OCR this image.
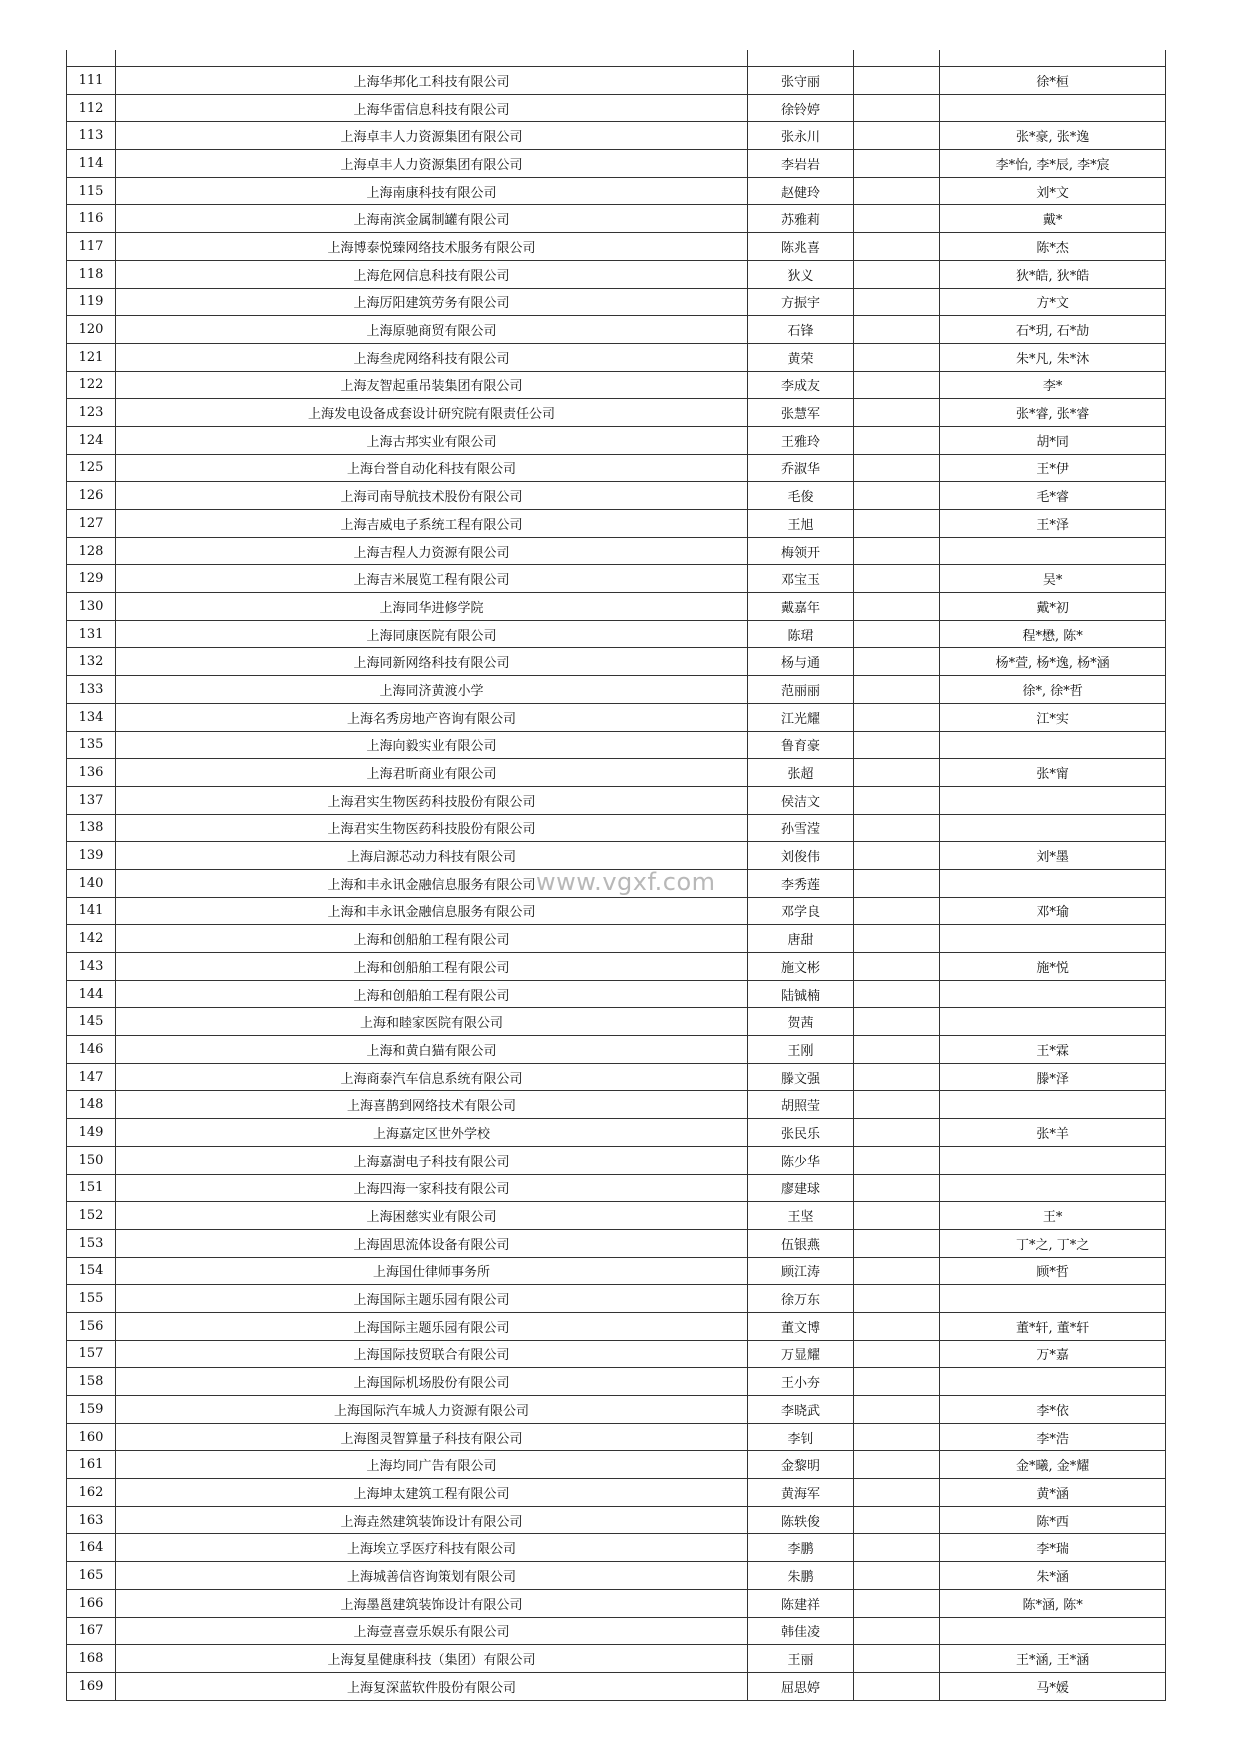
111	上海华邦化工科技有限公司	张守丽		徐*桓
112	上海华雷信息科技有限公司	徐铃婷		
113	上海卓丰人力资源集团有限公司	张永川		张*豪, 张*逸
114	上海卓丰人力资源集团有限公司	李岩岩		李*怡, 李*辰, 李*宸
115	上海南康科技有限公司	赵健玲		刘*文
116	上海南滨金属制罐有限公司	苏雅莉		戴*
117	上海博泰悦臻网络技术服务有限公司	陈兆喜		陈*杰
118	上海危网信息科技有限公司	狄义		狄*皓, 狄*皓
119	上海厉阳建筑劳务有限公司	方振宇		方*文
120	上海原驰商贸有限公司	石锋		石*玥, 石*劼
121	上海叁虎网络科技有限公司	黄荣		朱*凡, 朱*沐
122	上海友智起重吊装集团有限公司	李成友		李*
123	上海发电设备成套设计研究院有限责任公司	张慧军		张*睿, 张*睿
124	上海古邦实业有限公司	王雅玲		胡*同
125	上海台誉自动化科技有限公司	乔淑华		王*伊
126	上海司南导航技术股份有限公司	毛俊		毛*睿
127	上海吉威电子系统工程有限公司	王旭		王*泽
128	上海吉程人力资源有限公司	梅领开		
129	上海吉米展览工程有限公司	邓宝玉		吴*
130	上海同华进修学院	戴嘉年		戴*初
131	上海同康医院有限公司	陈珺		程*懋, 陈*
132	上海同新网络科技有限公司	杨与通		杨*萱, 杨*逸, 杨*涵
133	上海同济黄渡小学	范丽丽		徐*, 徐*哲
134	上海名秀房地产咨询有限公司	江光耀		江*实
135	上海向毅实业有限公司	鲁育豪		
136	上海君昕商业有限公司	张超		张*甯
137	上海君实生物医药科技股份有限公司	侯洁文		
138	上海君实生物医药科技股份有限公司	孙雪滢		
139	上海启源芯动力科技有限公司	刘俊伟		刘*墨
140	上海和丰永讯金融信息服务有限公司	李秀莲		
141	上海和丰永讯金融信息服务有限公司	邓学良		邓*瑜
142	上海和创船舶工程有限公司	唐甜		
143	上海和创船舶工程有限公司	施文彬		施*悦
144	上海和创船舶工程有限公司	陆铖楠		
145	上海和睦家医院有限公司	贺茜		
146	上海和黄白猫有限公司	王刚		王*霖
147	上海商泰汽车信息系统有限公司	滕文强		滕*泽
148	上海喜鹊到网络技术有限公司	胡照莹		
149	上海嘉定区世外学校	张民乐		张*羊
150	上海嘉澍电子科技有限公司	陈少华		
151	上海四海一家科技有限公司	廖建球		
152	上海困慈实业有限公司	王坚		王*
153	上海固思流体设备有限公司	伍银燕		丁*之, 丁*之
154	上海国仕律师事务所	顾江涛		顾*哲
155	上海国际主题乐园有限公司	徐万东		
156	上海国际主题乐园有限公司	董文博		董*轩, 董*轩
157	上海国际技贸联合有限公司	万显耀		万*嘉
158	上海国际机场股份有限公司	王小夯		
159	上海国际汽车城人力资源有限公司	李晓武		李*依
160	上海图灵智算量子科技有限公司	李钊		李*浩
161	上海均同广告有限公司	金黎明		金*曦, 金*耀
162	上海坤太建筑工程有限公司	黄海军		黄*涵
163	上海垚然建筑装饰设计有限公司	陈轶俊		陈*西
164	上海埃立孚医疗科技有限公司	李鹏		李*瑞
165	上海城善信咨询策划有限公司	朱鹏		朱*涵
166	上海墨邕建筑装饰设计有限公司	陈建祥		陈*涵, 陈*
167	上海壹喜壹乐娱乐有限公司	韩佳凌		
168	上海复星健康科技（集团）有限公司	王丽		王*涵, 王*涵
169	上海复深蓝软件股份有限公司	屈思婷		马*媛
www.vgxf.com
